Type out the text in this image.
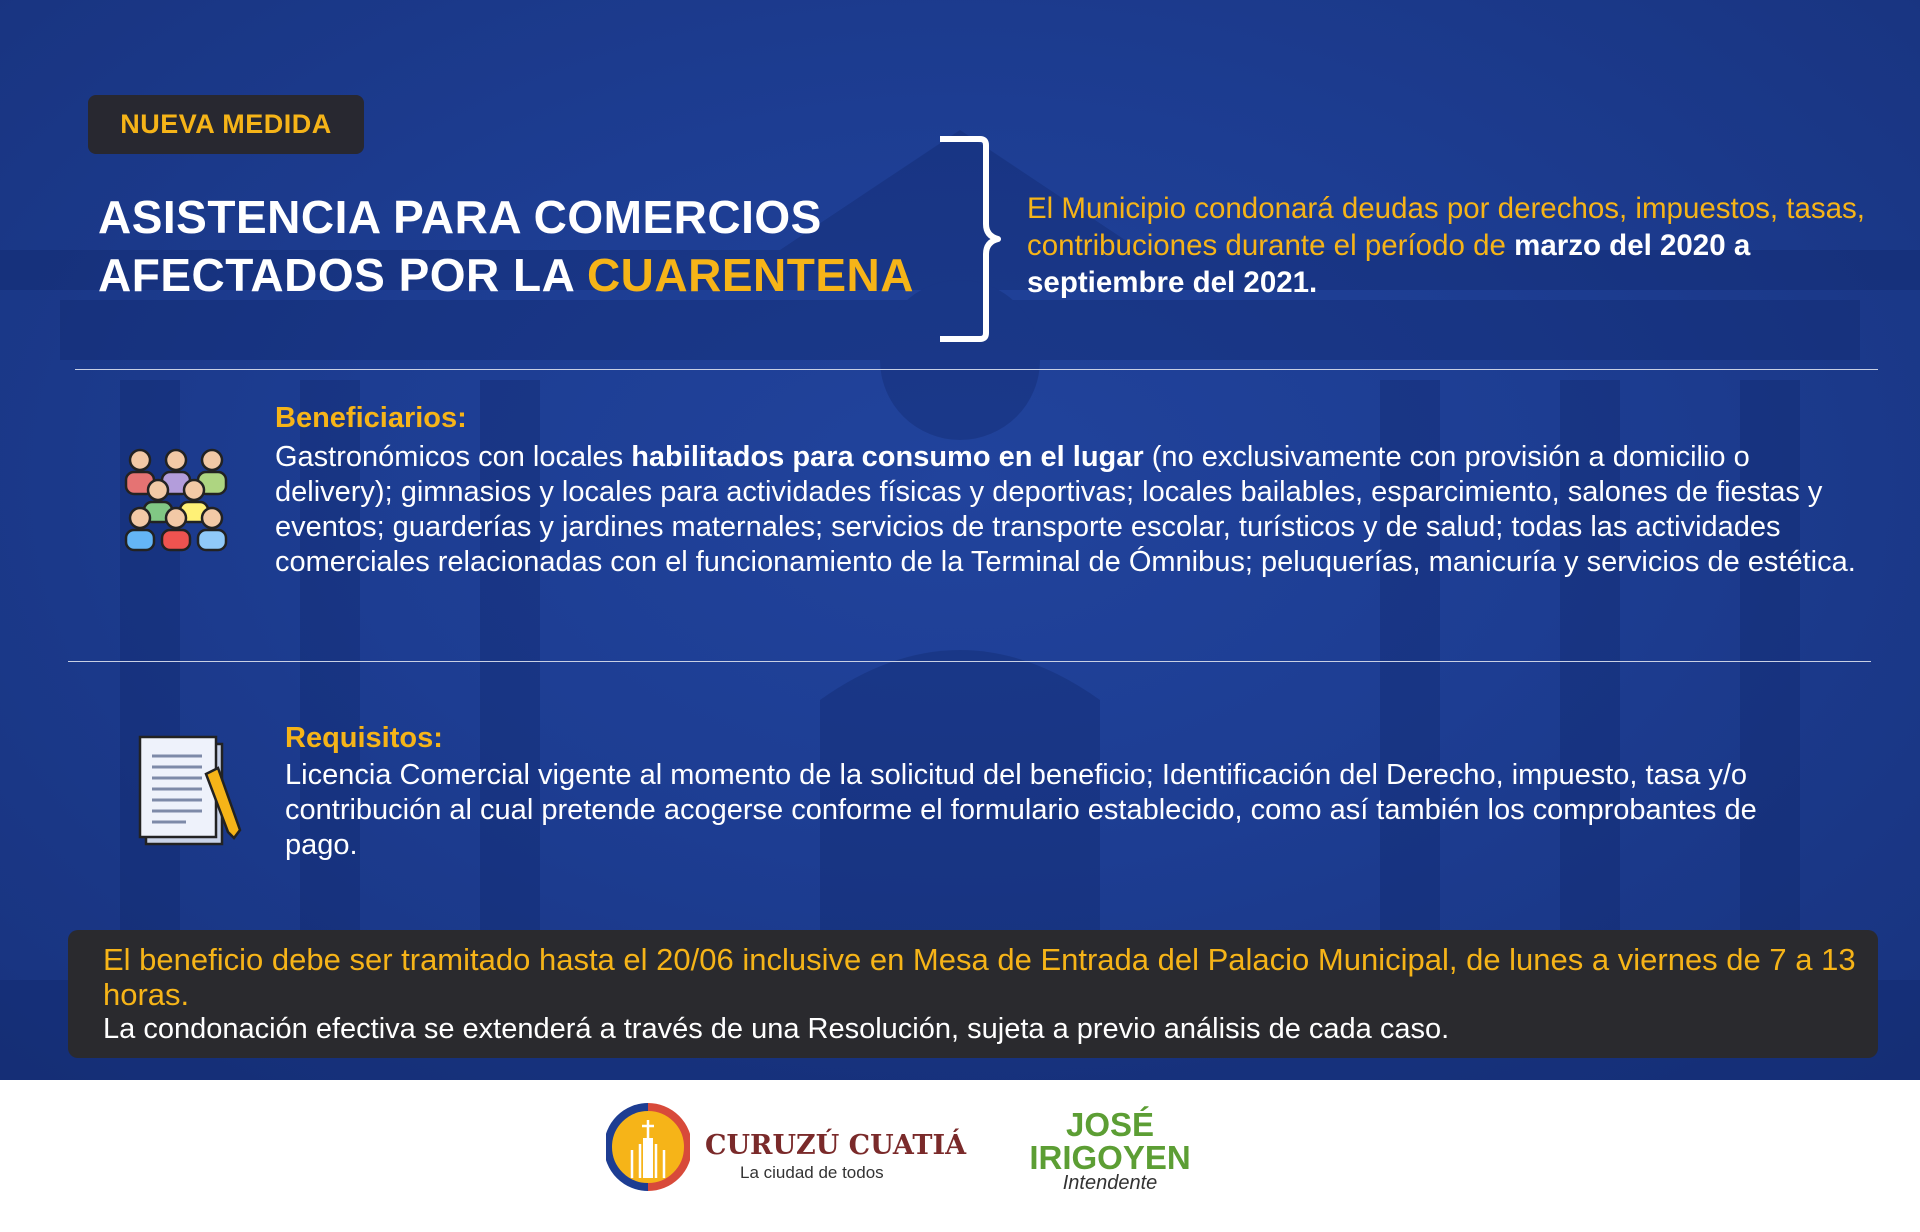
NUEVA MEDIDA
ASISTENCIA PARA COMERCIOS
AFECTADOS POR LA CUARENTENA
El Municipio condonará deudas por derechos, impuestos, tasas, contribuciones durante el período de marzo del 2020 a septiembre del 2021.
Beneficiarios:
Gastronómicos con locales habilitados para consumo en el lugar (no exclusivamente con provisión a domicilio o delivery); gimnasios y locales para actividades físicas y deportivas; locales bailables, esparcimiento, salones de fiestas y eventos; guarderías y jardines maternales; servicios de transporte escolar, turísticos y de salud; todas las actividades comerciales relacionadas con el funcionamiento de la Terminal de Ómnibus; peluquerías, manicuría y servicios de estética.
Requisitos:
Licencia Comercial vigente al momento de la solicitud del beneficio; Identificación del Derecho, impuesto, tasa y/o contribución al cual pretende acogerse conforme el formulario establecido, como así también los comprobantes de pago.
El beneficio debe ser tramitado hasta el 20/06 inclusive en Mesa de Entrada del Palacio Municipal, de lunes a viernes de 7 a 13 horas.
La condonación efectiva se extenderá a través de una Resolución, sujeta a previo análisis de cada caso.
CURUZÚ CUATIÁ
La ciudad de todos
JOSÉ
IRIGOYEN
Intendente
